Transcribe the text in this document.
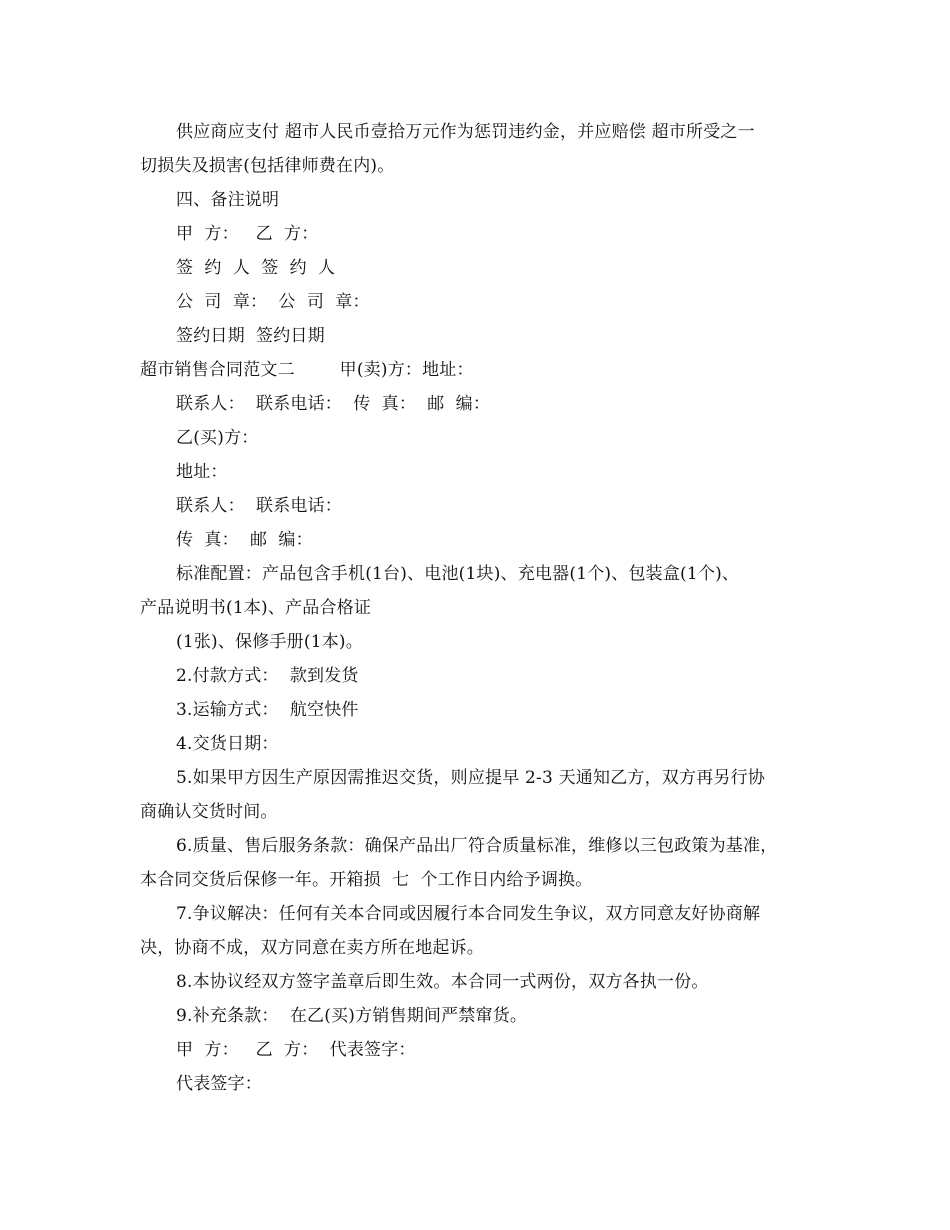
供应商应支付 超市人民币壹拾万元作为惩罚违约金，并应赔偿 超市所受之一
切损失及损害(包括律师费在内)。
四、备注说明
甲  方：   乙  方：
签  约  人  签  约  人
公  司  章：  公  司  章：
签约日期  签约日期
超市销售合同范文二        甲(卖)方：地址：
联系人：  联系电话：  传  真：  邮  编：
乙(买)方：
地址：
联系人：  联系电话：
传  真：  邮  编：
标准配置：产品包含手机(1台)、电池(1块)、充电器(1个)、包装盒(1个)、
产品说明书(1本)、产品合格证
(1张)、保修手册(1本)。
2.付款方式：  款到发货
3.运输方式：  航空快件
4.交货日期：
5.如果甲方因生产原因需推迟交货，则应提早 2-3 天通知乙方，双方再另行协
商确认交货时间。
6.质量、售后服务条款：确保产品出厂符合质量标准，维修以三包政策为基准，
本合同交货后保修一年。开箱损  七  个工作日内给予调换。
7.争议解决：任何有关本合同或因履行本合同发生争议，双方同意友好协商解
决，协商不成，双方同意在卖方所在地起诉。
8.本协议经双方签字盖章后即生效。本合同一式两份，双方各执一份。
9.补充条款：  在乙(买)方销售期间严禁窜货。
甲  方：   乙  方：  代表签字：
代表签字：
